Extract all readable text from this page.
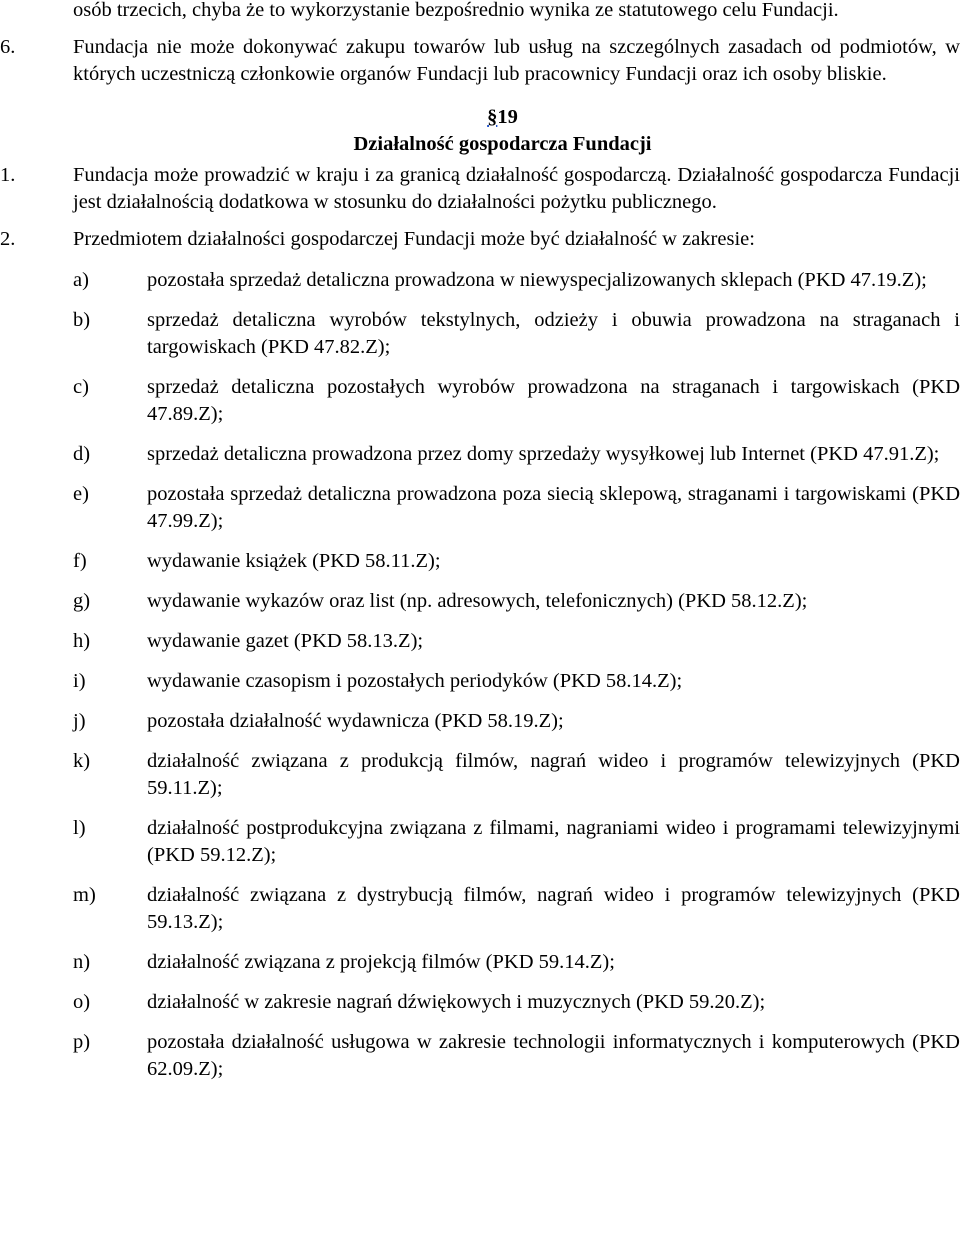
osób trzecich, chyba że to wykorzystanie bezpośrednio wynika ze statutowego celu Fundacji.

6.	Fundacja nie może dokonywać zakupu towarów lub usług na szczególnych zasadach od podmiotów, w których uczestniczą członkowie organów Fundacji lub pracownicy Fundacji oraz ich osoby bliskie.

§19

Działalność gospodarcza Fundacji

1.	Fundacja może prowadzić w kraju i za granicą działalność gospodarczą. Działalność gospodarcza Fundacji jest działalnością dodatkowa w stosunku do działalności pożytku publicznego.

2.	Przedmiotem działalności gospodarczej Fundacji może być działalność w zakresie:

a)	pozostała sprzedaż detaliczna prowadzona w niewyspecjalizowanych sklepach (PKD 47.19.Z);
b)	sprzedaż detaliczna wyrobów tekstylnych, odzieży i obuwia prowadzona na straganach i targowiskach (PKD 47.82.Z);
c)	sprzedaż detaliczna pozostałych wyrobów prowadzona na straganach i targowiskach (PKD 47.89.Z);
d)	sprzedaż detaliczna prowadzona przez domy sprzedaży wysyłkowej lub Internet (PKD 47.91.Z);
e)	pozostała sprzedaż detaliczna prowadzona poza siecią sklepową, straganami i targowiskami (PKD 47.99.Z);
f)	wydawanie książek (PKD 58.11.Z);
g)	wydawanie wykazów oraz list (np. adresowych, telefonicznych) (PKD 58.12.Z);
h)	wydawanie gazet (PKD 58.13.Z);
i)	wydawanie czasopism i pozostałych periodyków (PKD 58.14.Z);
j)	pozostała działalność wydawnicza (PKD 58.19.Z);
k)	działalność związana z produkcją filmów, nagrań wideo i programów telewizyjnych (PKD 59.11.Z);
l)	działalność postprodukcyjna związana z filmami, nagraniami wideo i programami telewizyjnymi (PKD 59.12.Z);
m) działalność związana z dystrybucją filmów, nagrań wideo i programów telewizyjnych (PKD 59.13.Z);
n)	działalność związana z projekcją filmów (PKD 59.14.Z);
o)	działalność w zakresie nagrań dźwiękowych i muzycznych (PKD 59.20.Z);
p)	pozostała działalność usługowa w zakresie technologii informatycznych i komputerowych (PKD 62.09.Z);
